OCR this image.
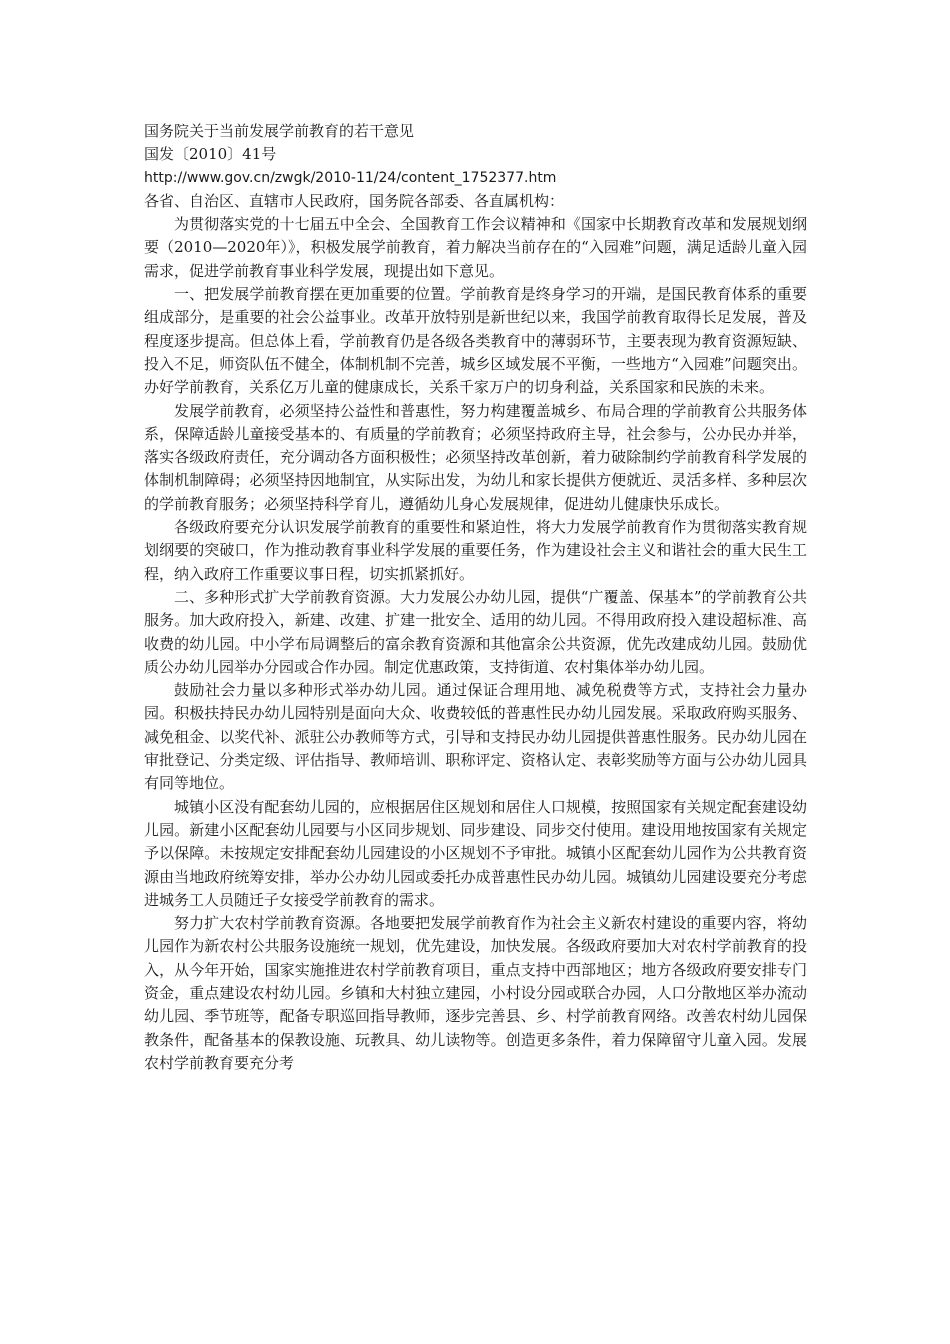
国务院关于当前发展学前教育的若干意见

国发〔2010〕41号

http://www.gov.cn/zwgk/2010-11/24/content_1752377.htm

各省、自治区、直辖市人民政府，国务院各部委、各直属机构：

为贯彻落实党的十七届五中全会、全国教育工作会议精神和《国家中长期教育改革和发展规划纲要（2010—2020年）》，积极发展学前教育，着力解决当前存在的“入园难”问题，满足适龄儿童入园需求，促进学前教育事业科学发展，现提出如下意见。

一、把发展学前教育摆在更加重要的位置。学前教育是终身学习的开端，是国民教育体系的重要组成部分，是重要的社会公益事业。改革开放特别是新世纪以来，我国学前教育取得长足发展，普及程度逐步提高。但总体上看，学前教育仍是各级各类教育中的薄弱环节，主要表现为教育资源短缺、投入不足，师资队伍不健全，体制机制不完善，城乡区域发展不平衡，一些地方“入园难”问题突出。办好学前教育，关系亿万儿童的健康成长，关系千家万户的切身利益，关系国家和民族的未来。

发展学前教育，必须坚持公益性和普惠性，努力构建覆盖城乡、布局合理的学前教育公共服务体系，保障适龄儿童接受基本的、有质量的学前教育；必须坚持政府主导，社会参与，公办民办并举，落实各级政府责任，充分调动各方面积极性；必须坚持改革创新，着力破除制约学前教育科学发展的体制机制障碍；必须坚持因地制宜，从实际出发，为幼儿和家长提供方便就近、灵活多样、多种层次的学前教育服务；必须坚持科学育儿，遵循幼儿身心发展规律，促进幼儿健康快乐成长。

各级政府要充分认识发展学前教育的重要性和紧迫性，将大力发展学前教育作为贯彻落实教育规划纲要的突破口，作为推动教育事业科学发展的重要任务，作为建设社会主义和谐社会的重大民生工程，纳入政府工作重要议事日程，切实抓紧抓好。

二、多种形式扩大学前教育资源。大力发展公办幼儿园，提供“广覆盖、保基本”的学前教育公共服务。加大政府投入，新建、改建、扩建一批安全、适用的幼儿园。不得用政府投入建设超标准、高收费的幼儿园。中小学布局调整后的富余教育资源和其他富余公共资源，优先改建成幼儿园。鼓励优质公办幼儿园举办分园或合作办园。制定优惠政策，支持街道、农村集体举办幼儿园。

鼓励社会力量以多种形式举办幼儿园。通过保证合理用地、减免税费等方式，支持社会力量办园。积极扶持民办幼儿园特别是面向大众、收费较低的普惠性民办幼儿园发展。采取政府购买服务、减免租金、以奖代补、派驻公办教师等方式，引导和支持民办幼儿园提供普惠性服务。民办幼儿园在审批登记、分类定级、评估指导、教师培训、职称评定、资格认定、表彰奖励等方面与公办幼儿园具有同等地位。

城镇小区没有配套幼儿园的，应根据居住区规划和居住人口规模，按照国家有关规定配套建设幼儿园。新建小区配套幼儿园要与小区同步规划、同步建设、同步交付使用。建设用地按国家有关规定予以保障。未按规定安排配套幼儿园建设的小区规划不予审批。城镇小区配套幼儿园作为公共教育资源由当地政府统筹安排，举办公办幼儿园或委托办成普惠性民办幼儿园。城镇幼儿园建设要充分考虑进城务工人员随迁子女接受学前教育的需求。

努力扩大农村学前教育资源。各地要把发展学前教育作为社会主义新农村建设的重要内容，将幼儿园作为新农村公共服务设施统一规划，优先建设，加快发展。各级政府要加大对农村学前教育的投入，从今年开始，国家实施推进农村学前教育项目，重点支持中西部地区；地方各级政府要安排专门资金，重点建设农村幼儿园。乡镇和大村独立建园，小村设分园或联合办园，人口分散地区举办流动幼儿园、季节班等，配备专职巡回指导教师，逐步完善县、乡、村学前教育网络。改善农村幼儿园保教条件，配备基本的保教设施、玩教具、幼儿读物等。创造更多条件，着力保障留守儿童入园。发展农村学前教育要充分考
